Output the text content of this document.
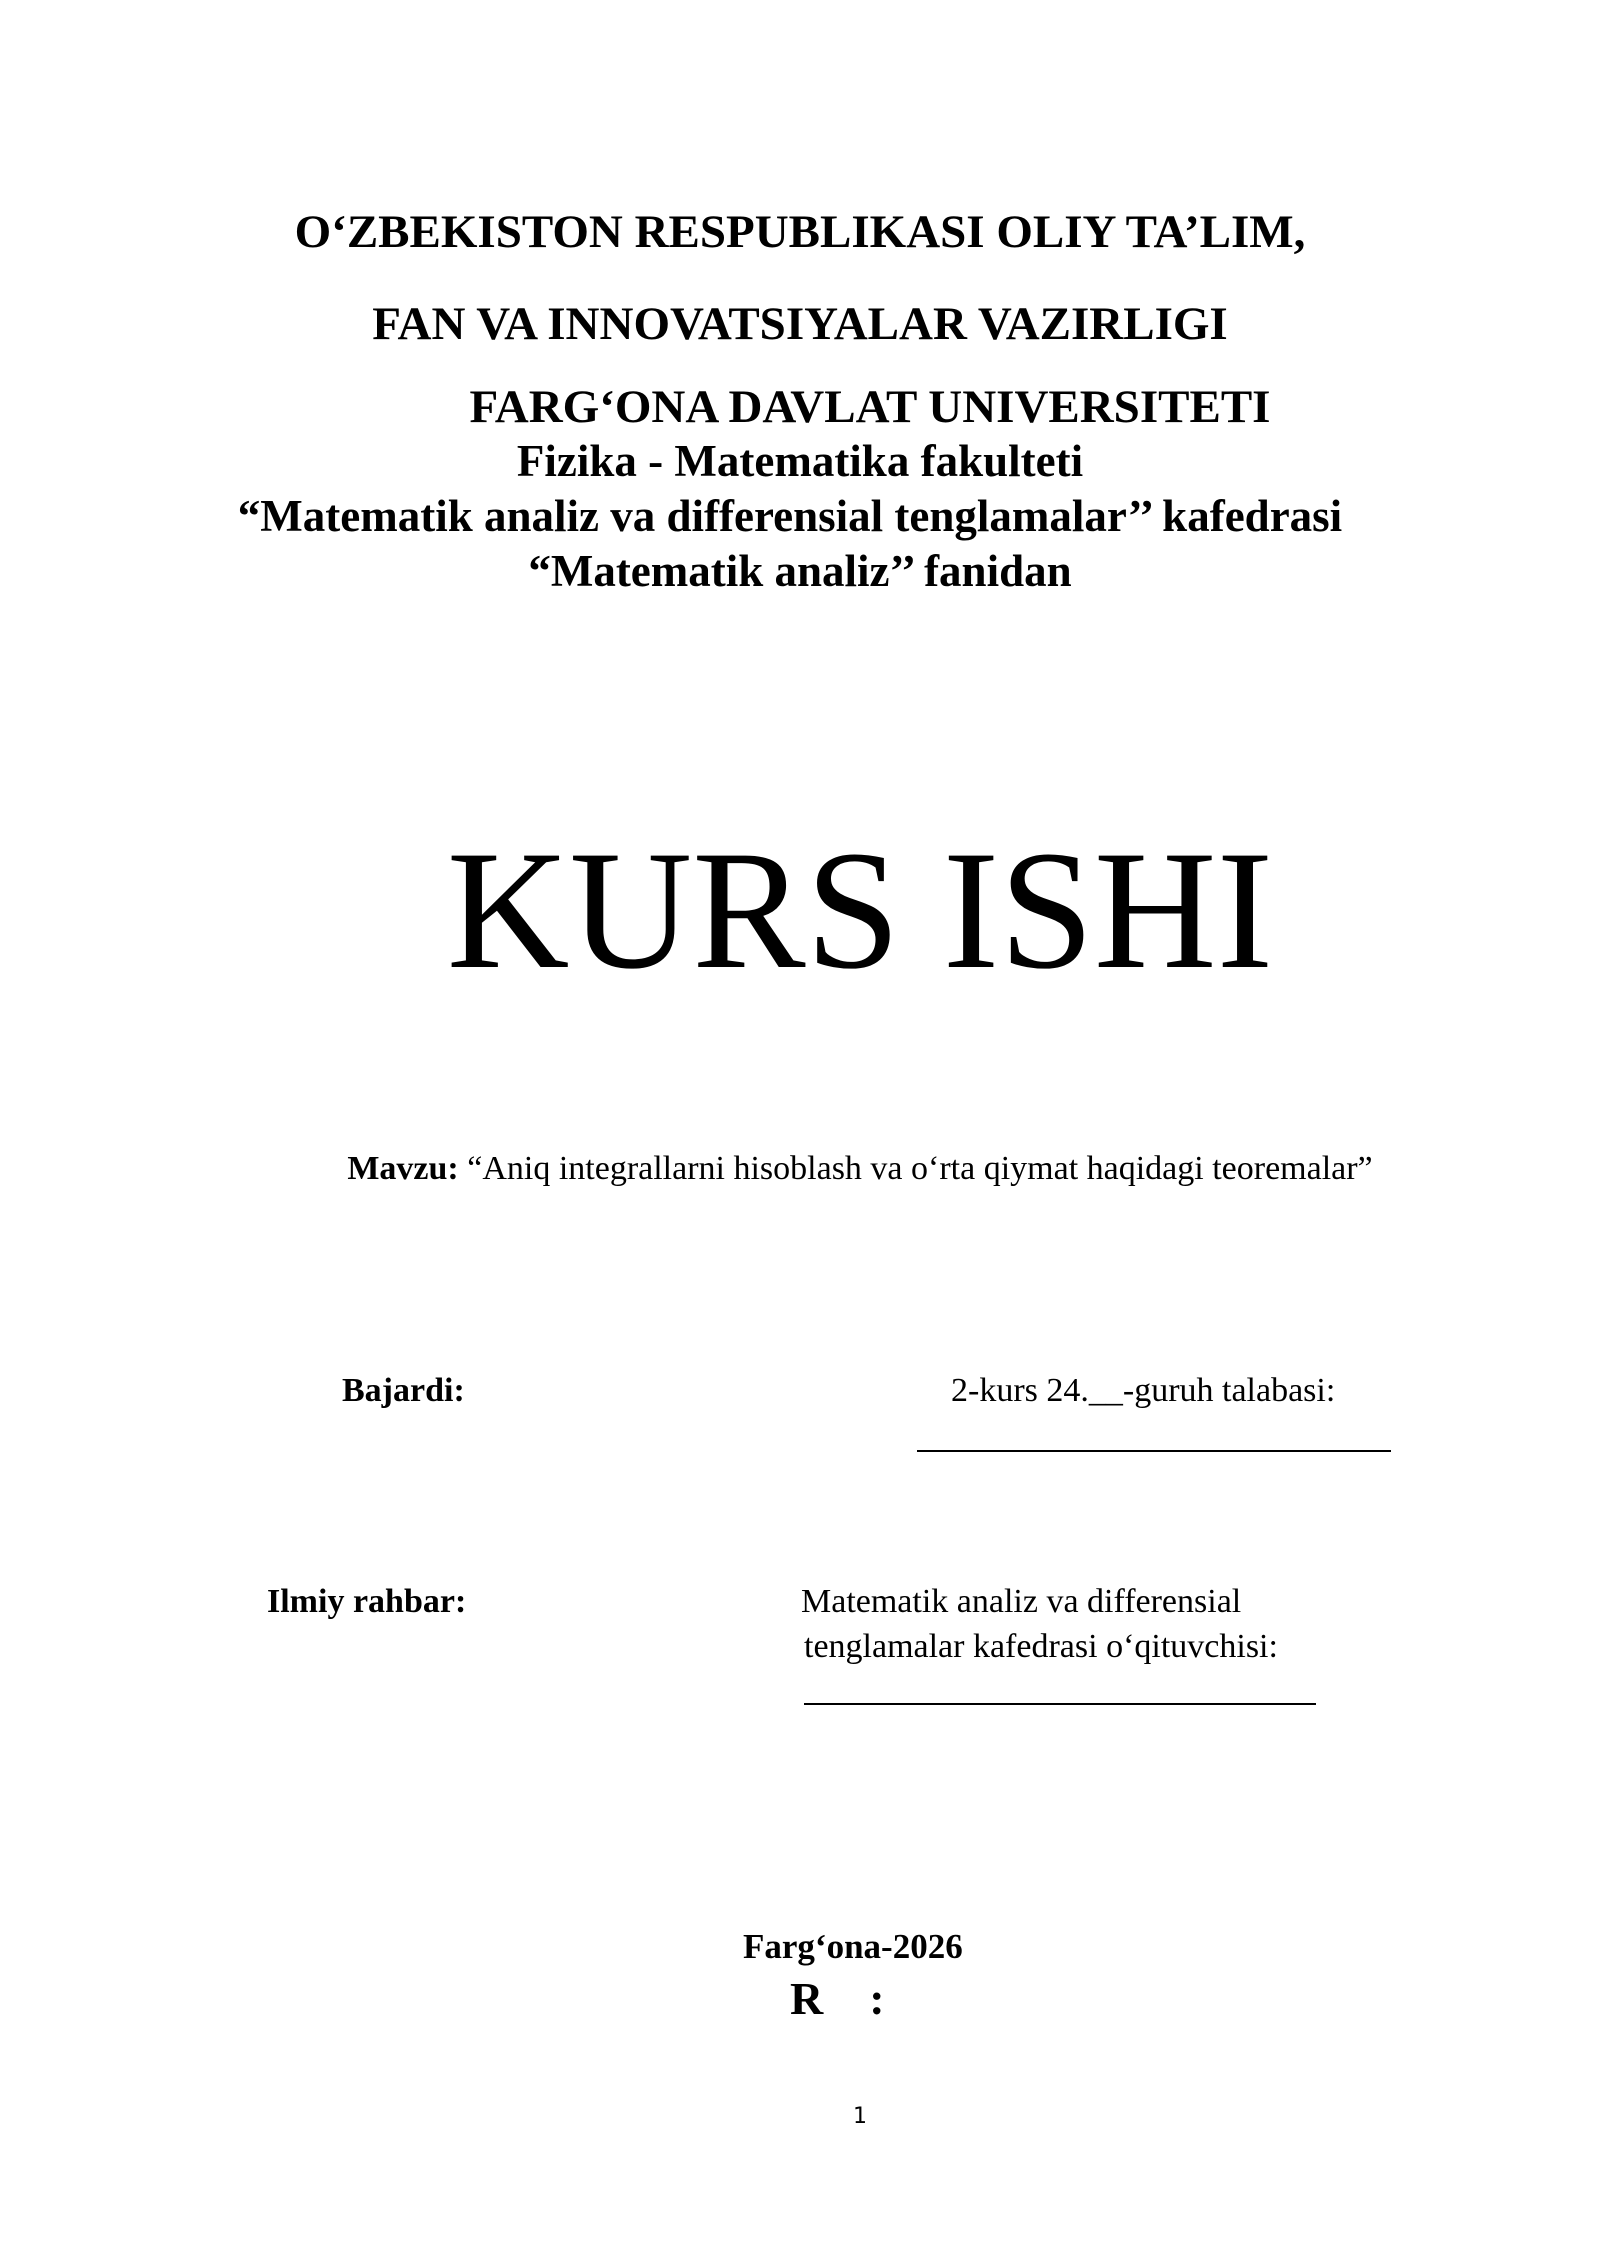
O‘ZBEKISTON RESPUBLIKASI OLIY TA’LIM,
FAN VA INNOVATSIYALAR VAZIRLIGI
FARG‘ONA DAVLAT UNIVERSITETI
Fizika - Matematika fakulteti
“Matematik analiz va differensial tenglamalar’’ kafedrasi
“Matematik analiz’’ fanidan
KURS ISHI
Mavzu: “Aniq integrallarni hisoblash va o‘rta qiymat haqidagi teoremalar”
Bajardi:	2-kurs 24.__-guruh talabasi:
Ilmiy rahbar:	Matematik analiz va differensial
tenglamalar kafedrasi o‘qituvchisi:
Farg‘ona-2026
R    :
1
